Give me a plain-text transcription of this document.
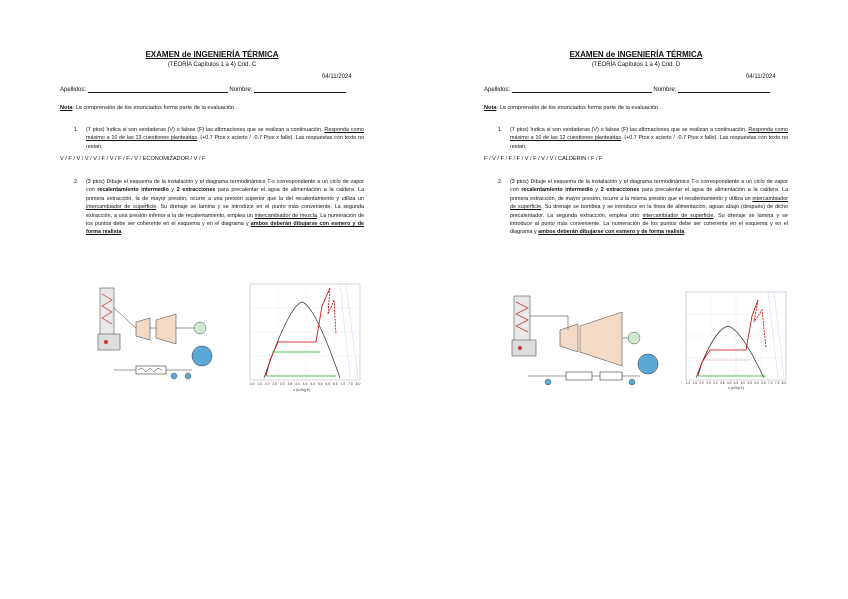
EXAMEN de INGENIERÍA TÉRMICA
(TEORÍA Capítulos 1 a 4) Cod. C
04/11/2024
Apellidos:	Nombre:
Nota: La comprensión de los enunciados forma parte de la evaluación.
1. (7 ptos) Indica si son verdaderas (V) o falsas (F) las afirmaciones que se realizan a continuación. Responda como máximo a 10 de las 13 cuestiones planteadas. (+0.7 Ptos x acierto / -0.7 Ptos x fallo). Las respuestas con texto no restan.
V / F / V / V / V / F / V / F / F / V / ECONOMIZADOR / V / F
2. (3 ptos) Dibuje el esquema de la instalación y el diagrama termodinámico T-s correspondiente a un ciclo de vapor con recalentamiento intermedio y 2 extracciones para precalentar el agua de alimentación a la caldera. La primera extracción, la de mayor presión, ocurre a una presión superior que la del recalentamiento y utiliza un intercambiador de superficie. Su drenaje se lamina y se introduce en el punto más conveniente. La segunda extracción, a una presión inferior a la de recalentamiento, emplea un intercambiador de mezcla. La numeración de los puntos debe ser coherente en el esquema y en el diagrama y ambos deberán dibujarse con esmero y de forma realista.
1.0 1.5 2.0 2.5 3.0 3.5 4.0 4.5 5.0 5.5 6.0 6.5 7.0 7.5 8.0
s (kJ/kg K)
EXAMEN de INGENIERÍA TÉRMICA
(TEORÍA Capítulos 1 a 4) Cod. D
04/11/2024
Apellidos:	Nombre:
Nota: La comprensión de los enunciados forma parte de la evaluación.
1. (7 ptos) Indica si son verdaderas (V) o falsas (F) las afirmaciones que se realizan a continuación. Responda como máximo a 10 de las 12 cuestiones planteadas. (+0.7 Ptos x acierto / -0.7 Ptos x fallo). Las respuestas con texto no restan.
F / V / F / F / F / V / F / V / V / CALDERIN / F / F
2. (3 ptos) Dibuje el esquema de la instalación y el diagrama termodinámico T-s correspondiente a un ciclo de vapor con recalentamiento intermedio y 2 extracciones para precalentar el agua de alimentación a la caldera. La primera extracción, de mayor presión, ocurre a la misma presión que el recalentamiento y utiliza un intercambiador de superficie. Su drenaje se bombea y se introduce en la línea de alimentación, aguas abajo (después) de dicho precalentador. La segunda extracción, emplea otro intercambiador de superficie. Su drenaje se lamina y se introduce al punto más conveniente. La numeración de los puntos debe ser coherente en el esquema y en el diagrama y ambos deberán dibujarse con esmero y de forma realista.
1.0 1.5 2.0 2.5 3.0 3.5 4.0 4.5 5.0 5.5 6.0 6.5 7.0 7.5 8.0
s (kJ/kg K)
